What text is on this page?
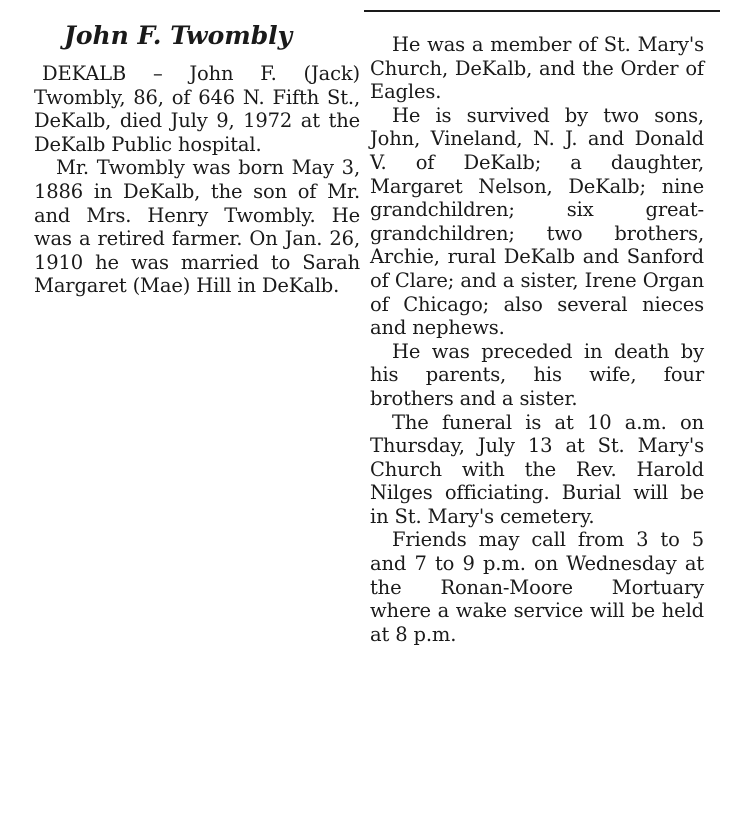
John F. Twombly

DEKALB – John F. (Jack) Twombly, 86, of 646 N. Fifth St., DeKalb, died July 9, 1972 at the DeKalb Public hospital.

Mr. Twombly was born May 3, 1886 in DeKalb, the son of Mr. and Mrs. Henry Twombly. He was a retired farmer. On Jan. 26, 1910 he was married to Sarah Margaret (Mae) Hill in DeKalb.

He was a member of St. Mary's Church, DeKalb, and the Order of Eagles.

He is survived by two sons, John, Vineland, N. J. and Donald V. of DeKalb; a daughter, Margaret Nelson, DeKalb; nine grandchildren; six great-grandchildren; two brothers, Archie, rural DeKalb and Sanford of Clare; and a sister, Irene Organ of Chicago; also several nieces and nephews.

He was preceded in death by his parents, his wife, four brothers and a sister.

The funeral is at 10 a.m. on Thursday, July 13 at St. Mary's Church with the Rev. Harold Nilges officiating. Burial will be in St. Mary's cemetery.

Friends may call from 3 to 5 and 7 to 9 p.m. on Wednesday at the Ronan-Moore Mortuary where a wake service will be held at 8 p.m.
